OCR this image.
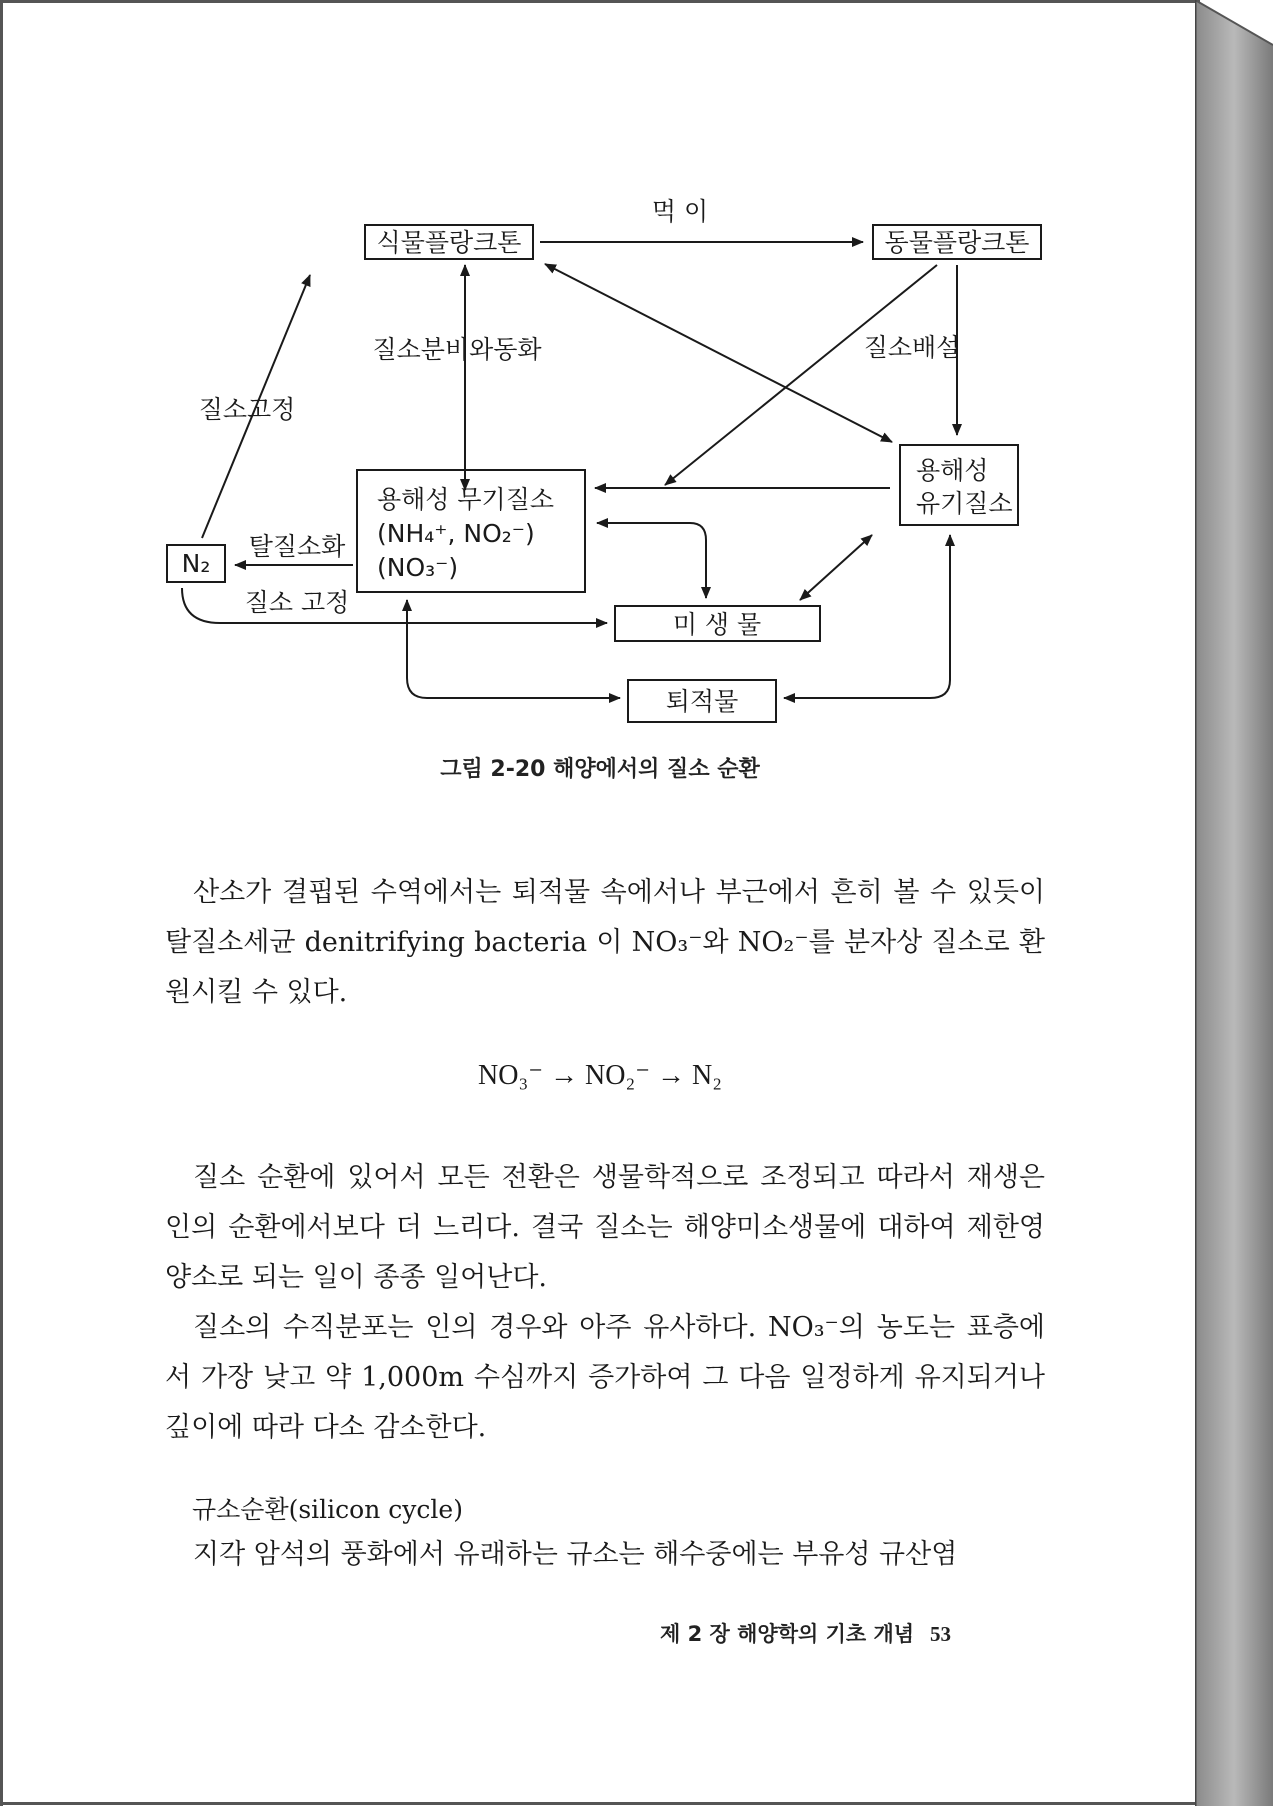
식물플랑크톤	동물플랑크톤
용해성 무기질소
(NH₄⁺, NO₂⁻)
(NO₃⁻)
용해성
유기질소
N₂
미 생 물
퇴적물
먹 이
질소배설
질소분비와동화
질소고정
탈질소화
질소 고정
그림 2-20 해양에서의 질소 순환
산소가 결핍된 수역에서는 퇴적물 속에서나 부근에서 흔히 볼 수 있듯이 탈질소세균 denitrifying bacteria 이 NO₃⁻와 NO₂⁻를 분자상 질소로 환원시킬 수 있다.
NO₃⁻ → NO₂⁻ → N₂
질소 순환에 있어서 모든 전환은 생물학적으로 조정되고 따라서 재생은 인의 순환에서보다 더 느리다. 결국 질소는 해양미소생물에 대하여 제한영양소로 되는 일이 종종 일어난다.
질소의 수직분포는 인의 경우와 아주 유사하다. NO₃⁻의 농도는 표층에서 가장 낮고 약 1,000m 수심까지 증가하여 그 다음 일정하게 유지되거나 깊이에 따라 다소 감소한다.
규소순환(silicon cycle)
지각 암석의 풍화에서 유래하는 규소는 해수중에는 부유성 규산염
제 2 장 해양학의 기초 개념 53
